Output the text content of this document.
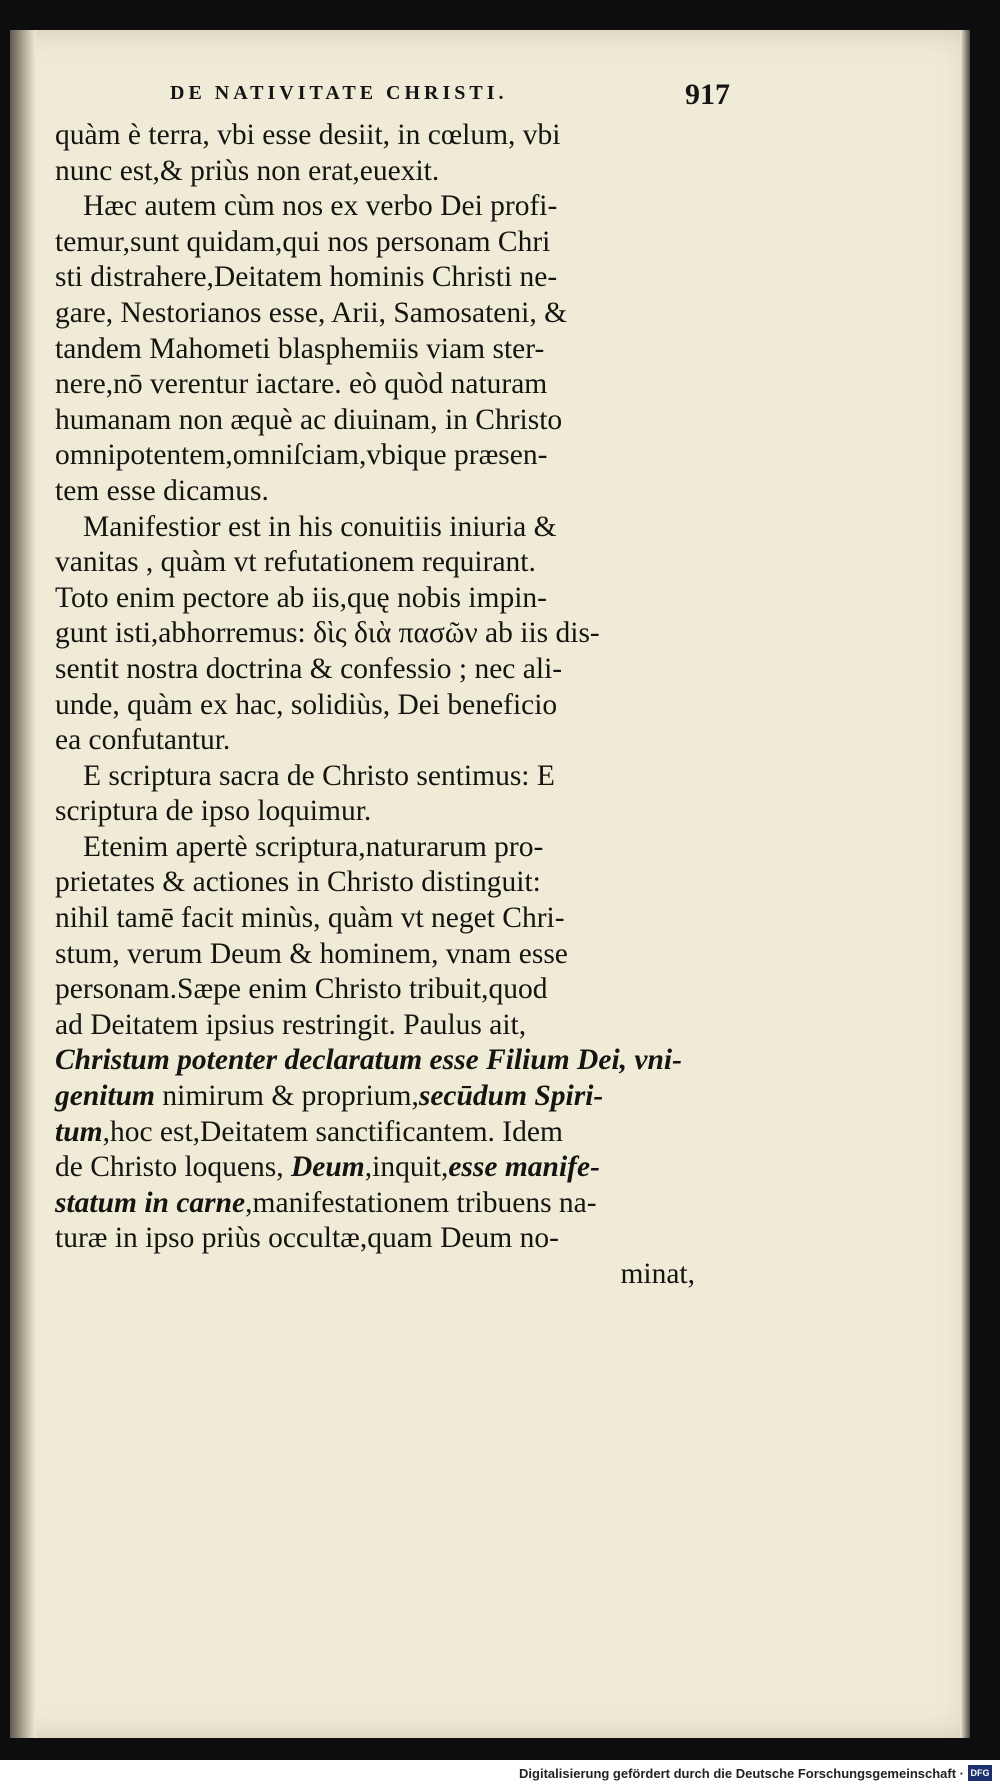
DE NATIVITATE CHRISTI.	917
quàm è terra, vbi esse desiit, in cœlum, vbi
nunc est,& priùs non erat,euexit.
Hæc autem cùm nos ex verbo Dei profi-
temur,sunt quidam,qui nos personam Chri
sti distrahere,Deitatem hominis Christi ne-
gare, Nestorianos esse, Arii, Samosateni, &
tandem Mahometi blasphemiis viam ster-
nere,nō verentur iactare. eò quòd naturam
humanam non æquè ac diuinam, in Christo
omnipotentem,omniſciam,vbique præsen-
tem esse dicamus.
Manifestior est in his conuitiis iniuria &
vanitas , quàm vt refutationem requirant.
Toto enim pectore ab iis,quę nobis impin-
gunt isti,abhorremus: δὶς διὰ πασῶν ab iis dis-
sentit nostra doctrina & confessio ; nec ali-
unde, quàm ex hac, solidiùs, Dei beneficio
ea confutantur.
E scriptura sacra de Christo sentimus: E
scriptura de ipso loquimur.
Etenim apertè scriptura,naturarum pro-
prietates & actiones in Christo distinguit:
nihil tamē facit minùs, quàm vt neget Chri-
stum, verum Deum & hominem, vnam esse
personam.Sæpe enim Christo tribuit,quod
ad Deitatem ipsius restringit. Paulus ait,
Christum potenter declaratum esse Filium Dei, vni-
genitum nimirum & proprium,secūdum Spiri-
tum,hoc est,Deitatem sanctificantem. Idem
de Christo loquens, Deum,inquit,esse manife-
statum in carne,manifestationem tribuens na-
turæ in ipso priùs occultæ,quam Deum no-
minat,
Digitalisierung gefördert durch die Deutsche Forschungsgemeinschaft · DFG
